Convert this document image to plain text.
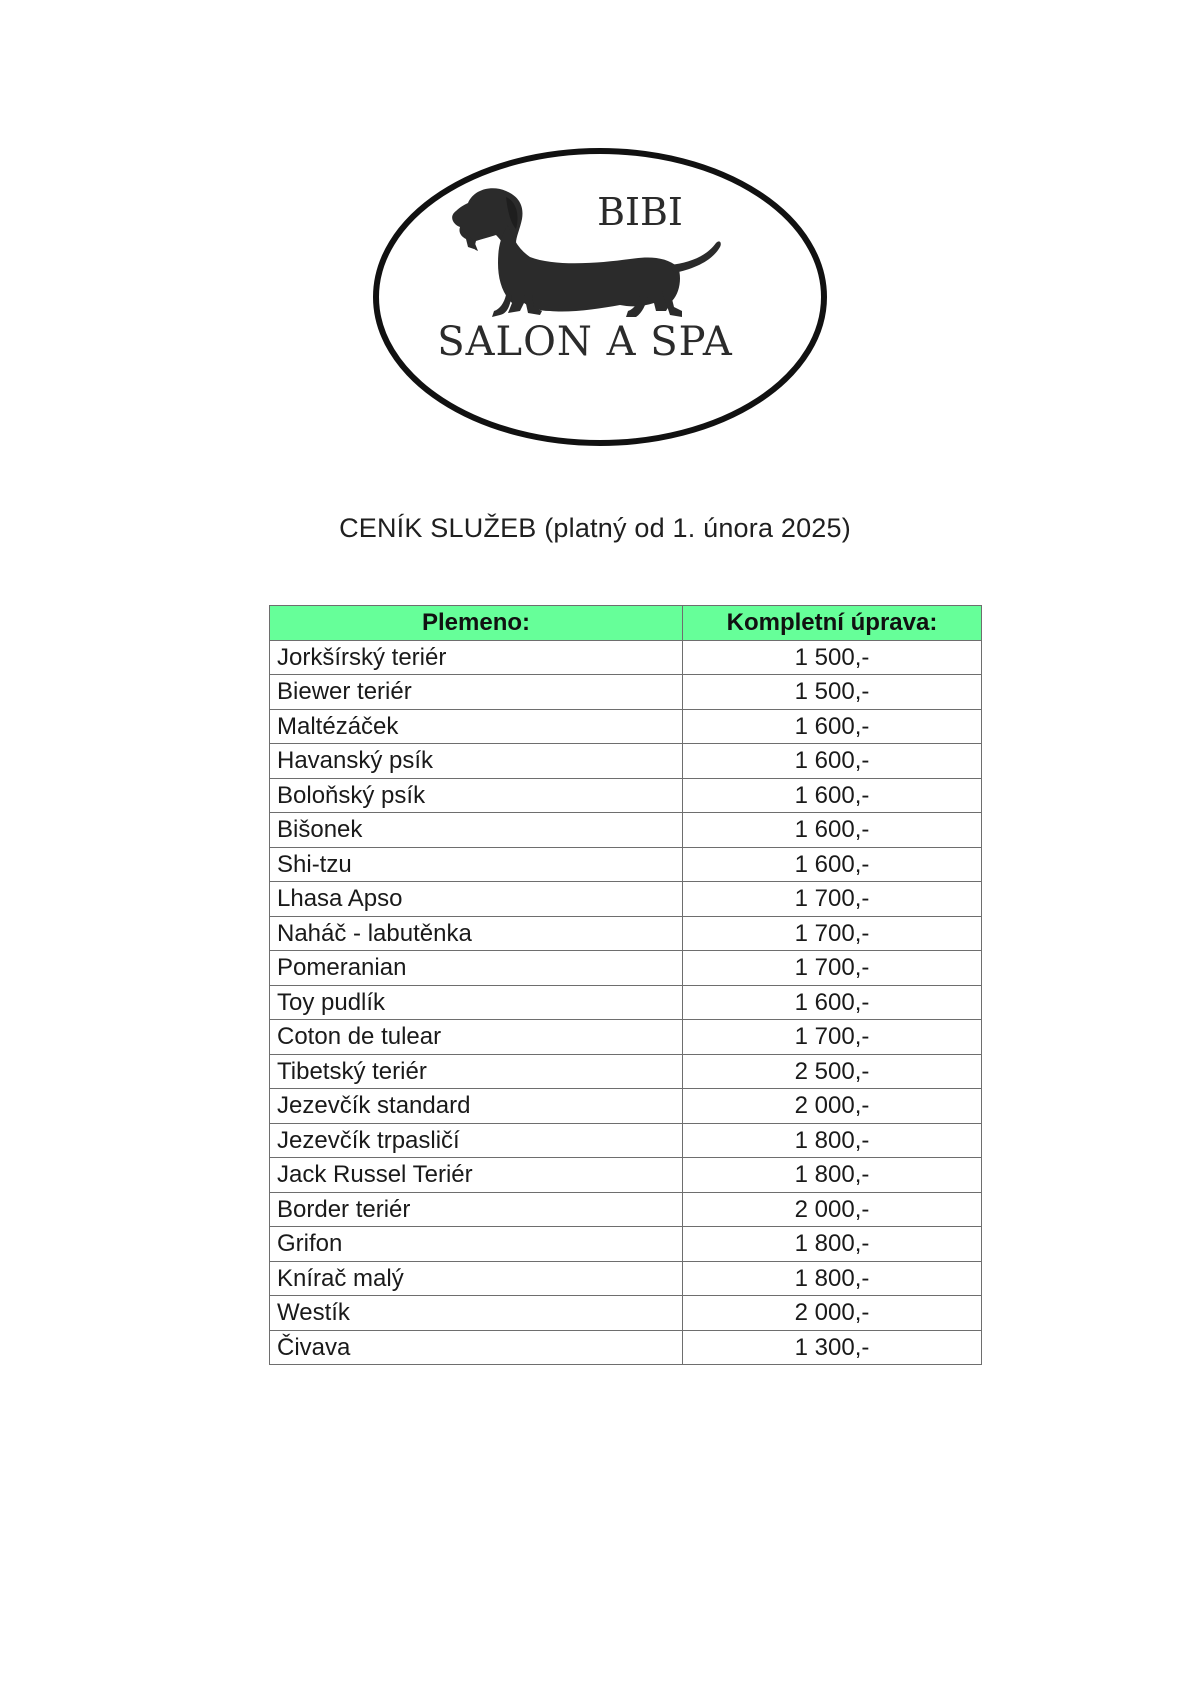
BIBI
SALON A SPA
CENÍK SLUŽEB (platný od 1. února 2025)
Plemeno:	Kompletní úprava:
Jorkšírský teriér	1 500,-
Biewer teriér	1 500,-
Maltézáček	1 600,-
Havanský psík	1 600,-
Boloňský psík	1 600,-
Bišonek	1 600,-
Shi-tzu	1 600,-
Lhasa Apso	1 700,-
Naháč - labutěnka	1 700,-
Pomeranian	1 700,-
Toy pudlík	1 600,-
Coton de tulear	1 700,-
Tibetský teriér	2 500,-
Jezevčík standard	2 000,-
Jezevčík trpasličí	1 800,-
Jack Russel Teriér	1 800,-
Border teriér	2 000,-
Grifon	1 800,-
Knírač malý	1 800,-
Westík	2 000,-
Čivava	1 300,-
